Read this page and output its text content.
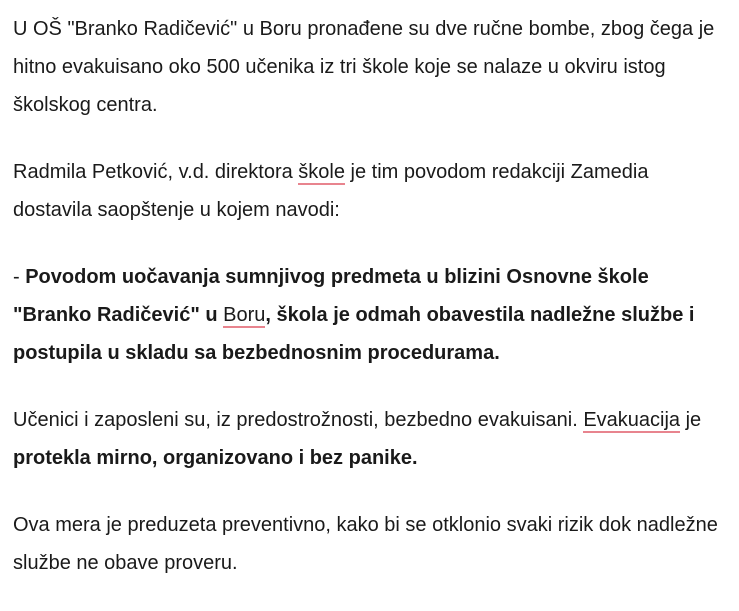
U OŠ "Branko Radičević" u Boru pronađene su dve ručne bombe, zbog čega je hitno evakuisano oko 500 učenika iz tri škole koje se nalaze u okviru istog školskog centra.

Radmila Petković, v.d. direktora škole je tim povodom redakciji Zamedia dostavila saopštenje u kojem navodi:

- Povodom uočavanja sumnjivog predmeta u blizini Osnovne škole "Branko Radičević" u Boru, škola je odmah obavestila nadležne službe i postupila u skladu sa bezbednosnim procedurama.

Učenici i zaposleni su, iz predostrožnosti, bezbedno evakuisani. Evakuacija je protekla mirno, organizovano i bez panike.

Ova mera je preduzeta preventivno, kako bi se otklonio svaki rizik dok nadležne službe ne obave proveru.
